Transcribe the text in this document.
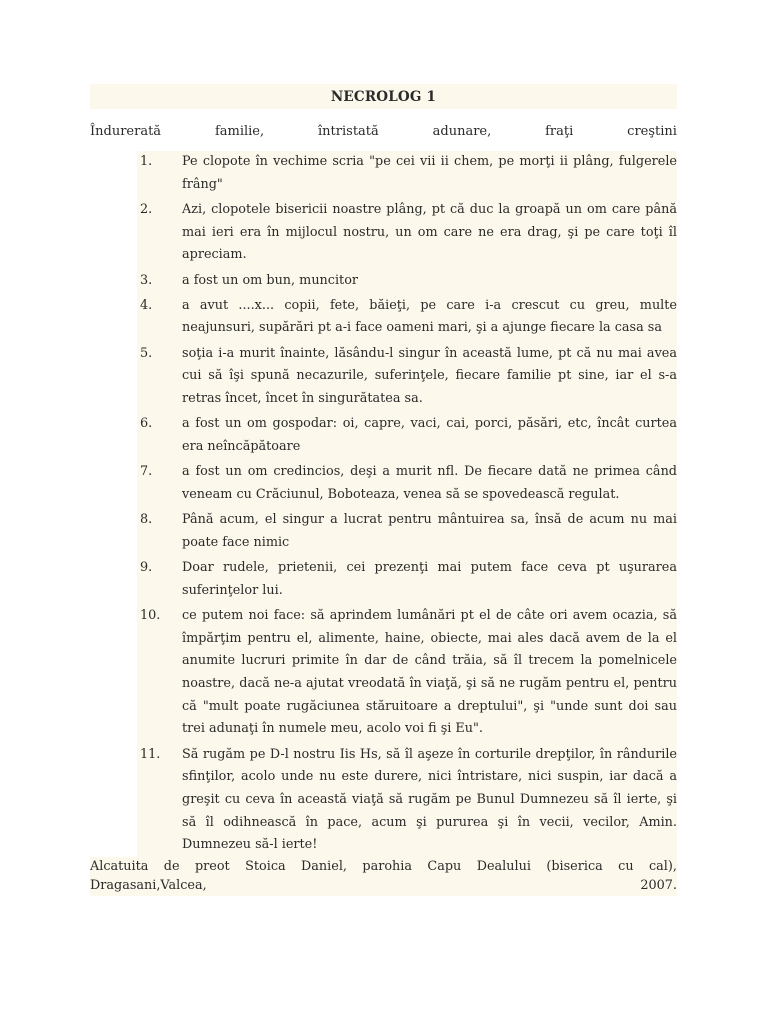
NECROLOG 1
Îndurerată	familie,	întristată	adunare,	fraţi	creştini
1. Pe clopote în vechime scria "pe cei vii ii chem, pe morţi ii plâng, fulgerele frâng"
2. Azi, clopotele bisericii noastre plâng, pt că duc la groapă un om care până mai ieri era în mijlocul nostru, un om care ne era drag, şi pe care toţi îl apreciam.
3. a fost un om bun, muncitor
4. a avut ....x... copii, fete, băieţi, pe care i-a crescut cu greu, multe neajunsuri, supărări pt a-i face oameni mari, şi a ajunge fiecare la casa sa
5. soţia i-a murit înainte, lăsându-l singur în această lume, pt că nu mai avea cui să îşi spună necazurile, suferinţele, fiecare familie pt sine, iar el s-a retras încet, încet în singurătatea sa.
6. a fost un om gospodar: oi, capre, vaci, cai, porci, păsări, etc, încât curtea era neîncăpătoare
7. a fost un om credincios, deşi a murit nfl. De fiecare dată ne primea când veneam cu Crăciunul, Boboteaza, venea să se spovedească regulat.
8. Până acum, el singur a lucrat pentru mântuirea sa, însă de acum nu mai poate face nimic
9. Doar rudele, prietenii, cei prezenţi mai putem face ceva pt uşurarea suferinţelor lui.
10. ce putem noi face: să aprindem lumânări pt el de câte ori avem ocazia, să împărţim pentru el, alimente, haine, obiecte, mai ales dacă avem de la el anumite lucruri primite în dar de când trăia, să îl trecem la pomelnicele noastre, dacă ne-a ajutat vreodată în viaţă, şi să ne rugăm pentru el, pentru că "mult poate rugăciunea stăruitoare a dreptului", şi "unde sunt doi sau trei adunaţi în numele meu, acolo voi fi şi Eu".
11. Să rugăm pe D-l nostru Iis Hs, să îl aşeze în corturile drepţilor, în rândurile sfinţilor, acolo unde nu este durere, nici întristare, nici suspin, iar dacă a greşit cu ceva în această viaţă să rugăm pe Bunul Dumnezeu să îl ierte, şi să îl odihnească în pace, acum şi pururea şi în vecii, vecilor, Amin. Dumnezeu să-l ierte!
Alcatuita de preot Stoica Daniel, parohia Capu Dealului (biserica cu cal),
Dragasani,Valcea,	2007.
